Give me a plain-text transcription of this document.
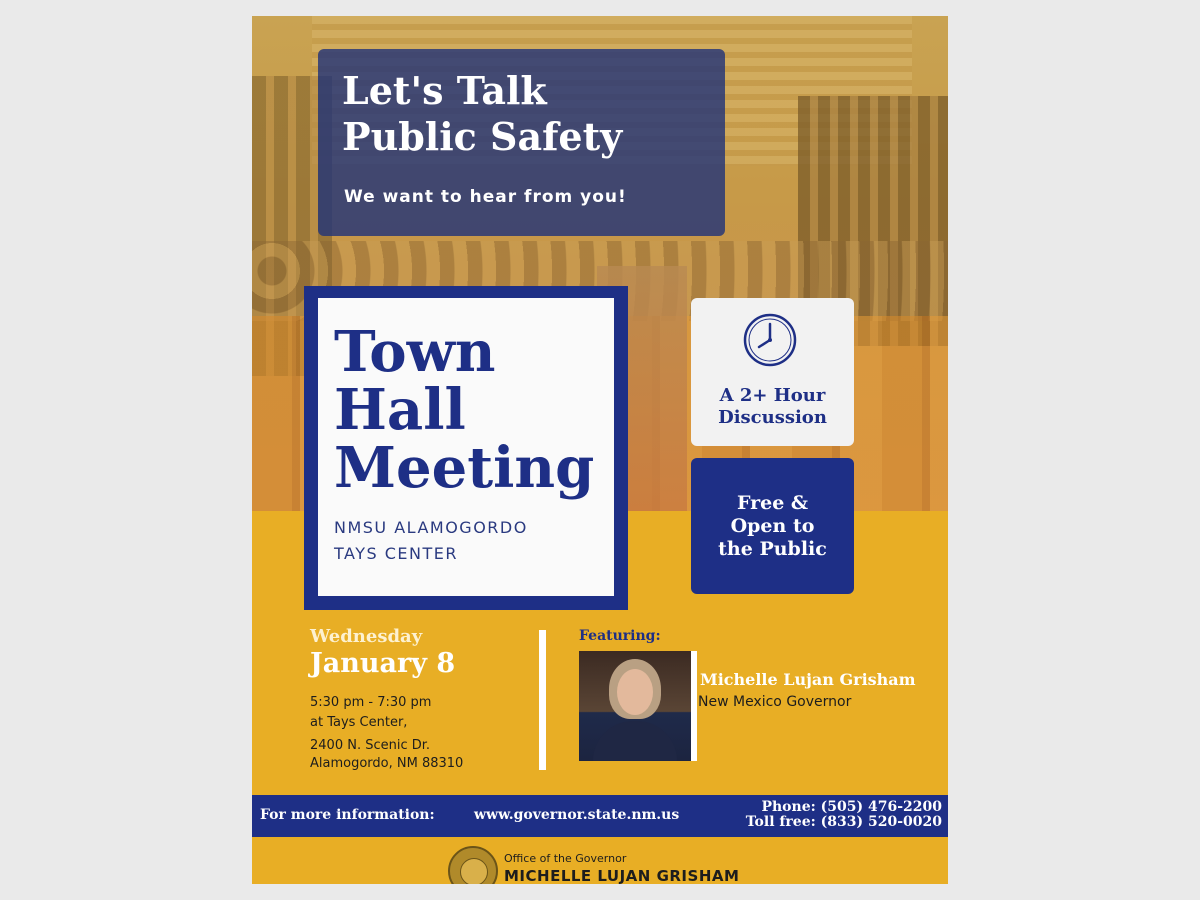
Let's Talk
Public Safety
We want to hear from you!
Town
Hall
Meeting
NMSU ALAMOGORDO
TAYS CENTER
A 2+ Hour
Discussion
Free &
Open to
the Public
Wednesday
January 8
5:30 pm - 7:30 pm
at Tays Center,
2400 N. Scenic Dr.
Alamogordo, NM 88310
Featuring:
Michelle Lujan Grisham
New Mexico Governor
For more information:	www.governor.state.nm.us	Phone: (505) 476-2200
Toll free: (833) 520-0020
Office of the Governor
MICHELLE LUJAN GRISHAM
